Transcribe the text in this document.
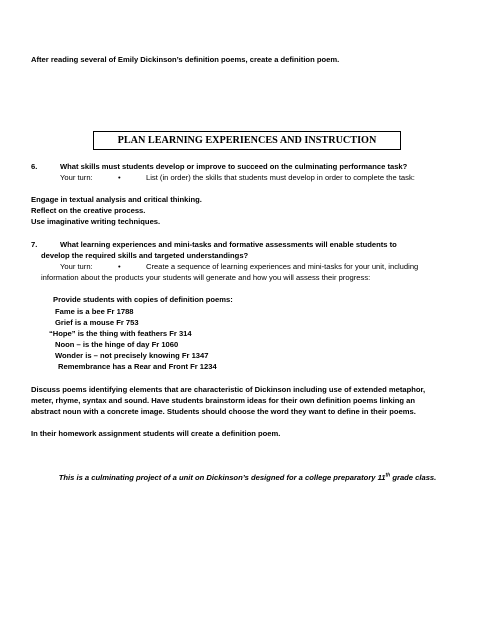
After reading several of Emily Dickinson’s definition poems, create a definition poem.
PLAN LEARNING EXPERIENCES AND INSTRUCTION
6.	What skills must students develop or improve to succeed on the culminating performance task?
Your turn:	•	List (in order) the skills that students must develop in order to complete the task:
Engage in textual analysis and critical thinking.
Reflect on the creative process.
Use imaginative writing techniques.
7.	What learning experiences and mini-tasks and formative assessments will enable students to
develop the required skills and targeted understandings?
Your turn:	•	Create a sequence of learning experiences and mini-tasks for your unit, including
information about the products your students will generate and how you will assess their progress:
Provide students with copies of definition poems:
Fame is a bee Fr 1788
Grief is a mouse Fr 753
“Hope” is the thing with feathers Fr 314
Noon – is the hinge of day Fr 1060
Wonder is – not precisely knowing Fr 1347
Remembrance has a Rear and Front Fr 1234
Discuss poems identifying elements that are characteristic of Dickinson including use of extended metaphor,
meter, rhyme, syntax and sound. Have students brainstorm ideas for their own definition poems linking an
abstract noun with a concrete image. Students should choose the word they want to define in their poems.
In their homework assignment students will create a definition poem.
This is a culminating project of a unit on Dickinson’s designed for a college preparatory 11th grade class.
